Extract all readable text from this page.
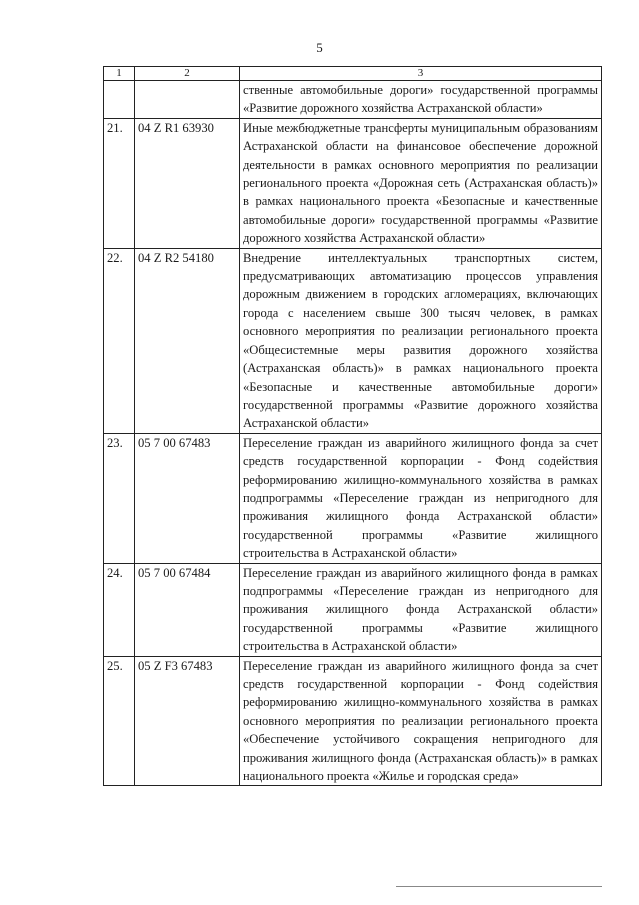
5
1	2	3
		ственные автомобильные дороги» государственной программы «Развитие дорожного хозяйства Астраханской области»
21.	04 Z R1 63930	Иные межбюджетные трансферты муниципальным образованиям Астраханской области на финансовое обеспечение дорожной деятельности в рамках основного мероприятия по реализации регионального проекта «Дорожная сеть (Астраханская область)» в рамках национального проекта «Безопасные и качественные автомобильные дороги» государственной программы «Развитие дорожного хозяйства Астраханской области»
22.	04 Z R2 54180	Внедрение интеллектуальных транспортных систем, предусматривающих автоматизацию процессов управления дорожным движением в городских агломерациях, включающих города с населением свыше 300 тысяч человек, в рамках основного мероприятия по реализации регионального проекта «Общесистемные меры развития дорожного хозяйства (Астраханская область)» в рамках национального проекта «Безопасные и качественные автомобильные дороги» государственной программы «Развитие дорожного хозяйства Астраханской области»
23.	05 7 00 67483	Переселение граждан из аварийного жилищного фонда за счет средств государственной корпорации - Фонд содействия реформированию жилищно-коммунального хозяйства в рамках подпрограммы «Переселение граждан из непригодного для проживания жилищного фонда Астраханской области» государственной программы «Развитие жилищного строительства в Астраханской области»
24.	05 7 00 67484	Переселение граждан из аварийного жилищного фонда в рамках подпрограммы «Переселение граждан из непригодного для проживания жилищного фонда Астраханской области» государственной программы «Развитие жилищного строительства в Астраханской области»
25.	05 Z F3 67483	Переселение граждан из аварийного жилищного фонда за счет средств государственной корпорации - Фонд содействия реформированию жилищно-коммунального хозяйства в рамках основного мероприятия по реализации регионального проекта «Обеспечение устойчивого сокращения непригодного для проживания жилищного фонда (Астраханская область)» в рамках национального проекта «Жилье и городская среда»
